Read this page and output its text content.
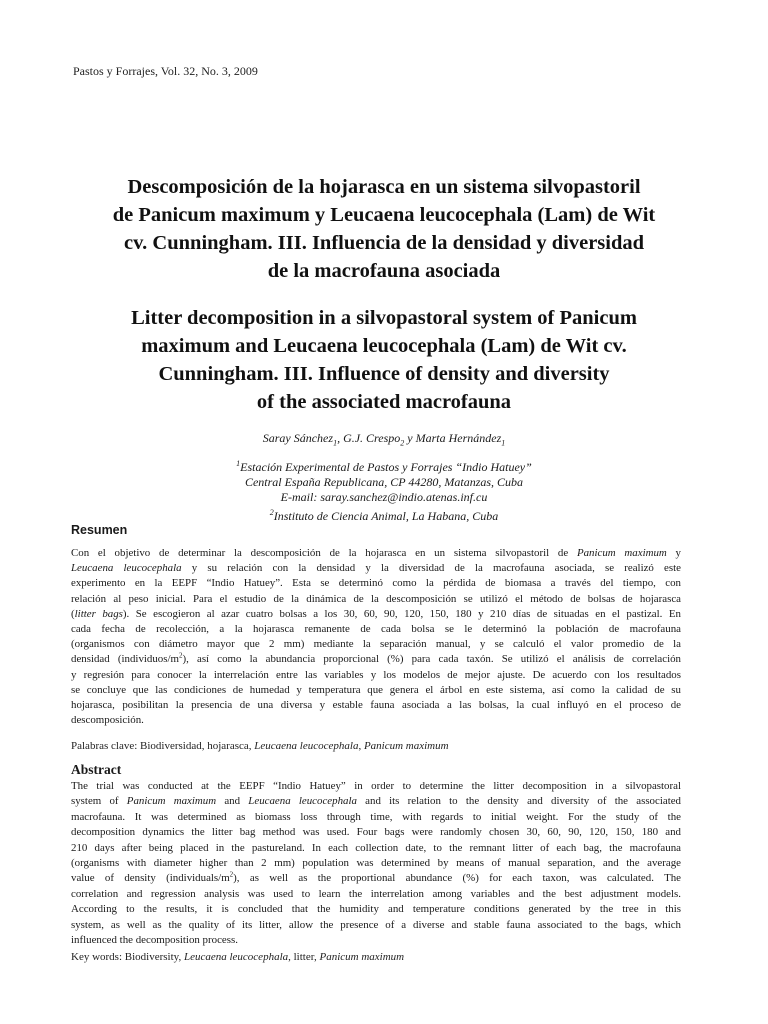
Pastos y Forrajes, Vol. 32, No. 3, 2009
Descomposición de la hojarasca en un sistema silvopastoril
de Panicum maximum y Leucaena leucocephala (Lam) de Wit
cv. Cunningham. III. Influencia de la densidad y diversidad
de la macrofauna asociada
Litter decomposition in a silvopastoral system of Panicum
maximum and Leucaena leucocephala (Lam) de Wit cv.
Cunningham. III. Influence of density and diversity
of the associated macrofauna
Saray Sánchez$_1$, G.J. Crespo$_2$ y Marta Hernández$_1$
$^1$Estación Experimental de Pastos y Forrajes “Indio Hatuey”
Central España Republicana, CP 44280, Matanzas, Cuba
E-mail: saray.sanchez@indio.atenas.inf.cu
$^2$Instituto de Ciencia Animal, La Habana, Cuba
Resumen
Con el objetivo de determinar la descomposición de la hojarasca en un sistema silvopastoril de Panicum maximum y
Leucaena leucocephala y su relación con la densidad y la diversidad de la macrofauna asociada, se realizó este
experimento en la EEPF “Indio Hatuey”. Esta se determinó como la pérdida de biomasa a través del tiempo, con
relación al peso inicial. Para el estudio de la dinámica de la descomposición se utilizó el método de bolsas de hojarasca
(litter bags). Se escogieron al azar cuatro bolsas a los 30, 60, 90, 120, 150, 180 y 210 días de situadas en el pastizal. En
cada fecha de recolección, a la hojarasca remanente de cada bolsa se le determinó la población de macrofauna
(organismos con diámetro mayor que 2 mm) mediante la separación manual, y se calculó el valor promedio de la
densidad $(individuos/m^2)$, así como la abundancia proporcional (%) para cada taxón. Se utilizó el análisis de correlación
y regresión para conocer la interrelación entre las variables y los modelos de mejor ajuste. De acuerdo con los resultados
se concluye que las condiciones de humedad y temperatura que genera el árbol en este sistema, así como la calidad de su
hojarasca, posibilitan la presencia de una diversa y estable fauna asociada a las bolsas, la cual influyó en el proceso de
descomposición.
Palabras clave: Biodiversidad, hojarasca, Leucaena leucocephala, Panicum maximum
Abstract
The trial was conducted at the EEPF “Indio Hatuey” in order to determine the litter decomposition in a silvopastoral
system of Panicum maximum and Leucaena leucocephala and its relation to the density and diversity of the associated
macrofauna. It was determined as biomass loss through time, with regards to initial weight. For the study of the
decomposition dynamics the litter bag method was used. Four bags were randomly chosen 30, 60, 90, 120, 150, 180 and
210 days after being placed in the pastureland. In each collection date, to the remnant litter of each bag, the macrofauna
(organisms with diameter higher than 2 mm) population was determined by means of manual separation, and the average
value of density $(individuals/m^2)$, as well as the proportional abundance (%) for each taxon, was calculated. The
correlation and regression analysis was used to learn the interrelation among variables and the best adjustment models.
According to the results, it is concluded that the humidity and temperature conditions generated by the tree in this
system, as well as the quality of its litter, allow the presence of a diverse and stable fauna associated to the bags, which
influenced the decomposition process.
Key words: Biodiversity, Leucaena leucocephala, litter, Panicum maximum
